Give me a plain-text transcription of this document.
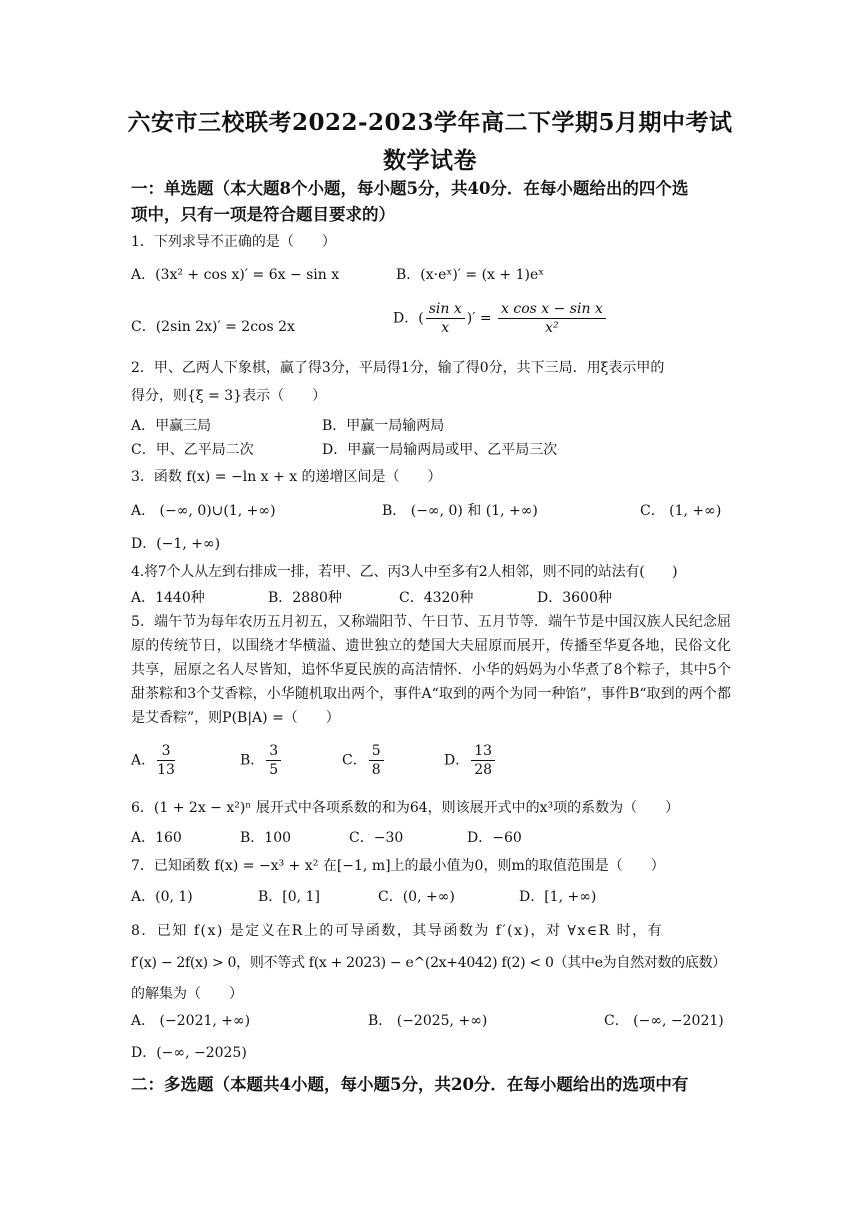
六安市三校联考2022-2023学年高二下学期5月期中考试
数学试卷
一：单选题（本大题8个小题，每小题5分，共40分．在每小题给出的四个选
项中，只有一项是符合题目要求的）
1．下列求导不正确的是（　　）
A．(3x² + cos x)′ = 6x − sin x	B．(x·eˣ)′ = (x + 1)eˣ
C．(2sin 2x)′ = 2cos 2x
D．( $\frac{\text{sin x}}{x}$ )′ = $\frac{\text{x cos x − sin x}}{\text{x²}}$
2．甲、乙两人下象棋，赢了得3分，平局得1分，输了得0分，共下三局．用ξ表示甲的
得分，则{ξ = 3}表示（　　）
A．甲赢三局	B．甲赢一局输两局
C．甲、乙平局二次	D．甲赢一局输两局或甲、乙平局三次
3．函数 f(x) = −ln x + x 的递增区间是（　　）
A． (−∞, 0)∪(1, +∞)	B． (−∞, 0) 和 (1, +∞)	C． (1, +∞)
D．(−1, +∞)
4.将7个人从左到右排成一排，若甲、乙、丙3人中至多有2人相邻，则不同的站法有(　　)
A．1440种	B．2880种	C．4320种	D．3600种
5．端午节为每年农历五月初五，又称端阳节、午日节、五月节等．端午节是中国汉族人民纪念屈原的传统节日，以围绕才华横溢、遗世独立的楚国大夫屈原而展开，传播至华夏各地，民俗文化共享，屈原之名人尽皆知，追怀华夏民族的高洁情怀．小华的妈妈为小华煮了8个粽子，其中5个甜茶粽和3个艾香粽，小华随机取出两个，事件A“取到的两个为同一种馅”，事件B“取到的两个都是艾香粽”，则P(B|A) =（　　）
A． $\frac{3}{13}$	B． $\frac{3}{5}$	C． $\frac{5}{8}$	D． $\frac{13}{28}$
6．(1 + 2x − x²)ⁿ 展开式中各项系数的和为64，则该展开式中的x³项的系数为（　　）
A．160	B．100	C．−30	D．−60
7．已知函数 f(x) = −x³ + x² 在[−1, m]上的最小值为0，则m的取值范围是（　　）
A．(0, 1)	B．[0, 1]	C．(0, +∞)	D．[1, +∞)
8．已知 f(x) 是定义在R上的可导函数，其导函数为 f′(x)，对 ∀x∈R 时，有
f′(x) − 2f(x) > 0，则不等式 f(x + 2023) − e^(2x+4042) f(2) < 0（其中e为自然对数的底数）
的解集为（　　）
A． (−2021, +∞)	B． (−2025, +∞)	C． (−∞, −2021)
D．(−∞, −2025)
二：多选题（本题共4小题，每小题5分，共20分．在每小题给出的选项中有
